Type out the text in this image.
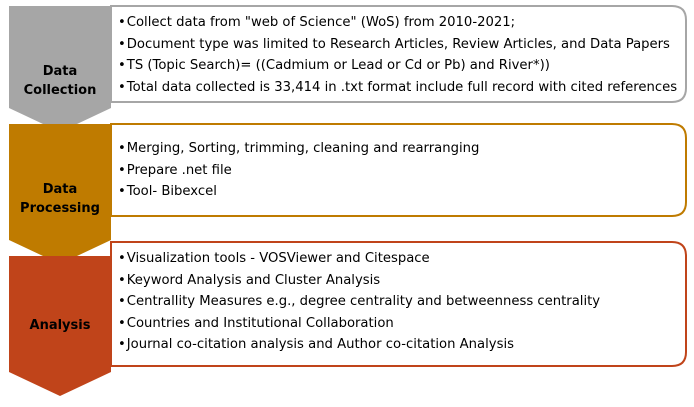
Data
Collection
Data
Processing
Analysis
• Collect data from "web of Science" (WoS) from 2010-2021;
• Document type was limited to Research Articles, Review Articles, and Data Papers
• TS (Topic Search)= ((Cadmium or Lead or Cd or Pb) and River*))
• Total data collected is 33,414 in .txt format include full record with cited references
• Merging, Sorting, trimming, cleaning and rearranging
• Prepare .net file
• Tool- Bibexcel
• Visualization tools - VOSViewer and Citespace
• Keyword Analysis and Cluster Analysis
• Centrallity Measures e.g., degree centrality and betweenness centrality
• Countries and Institutional Collaboration
• Journal co-citation analysis and Author co-citation Analysis
